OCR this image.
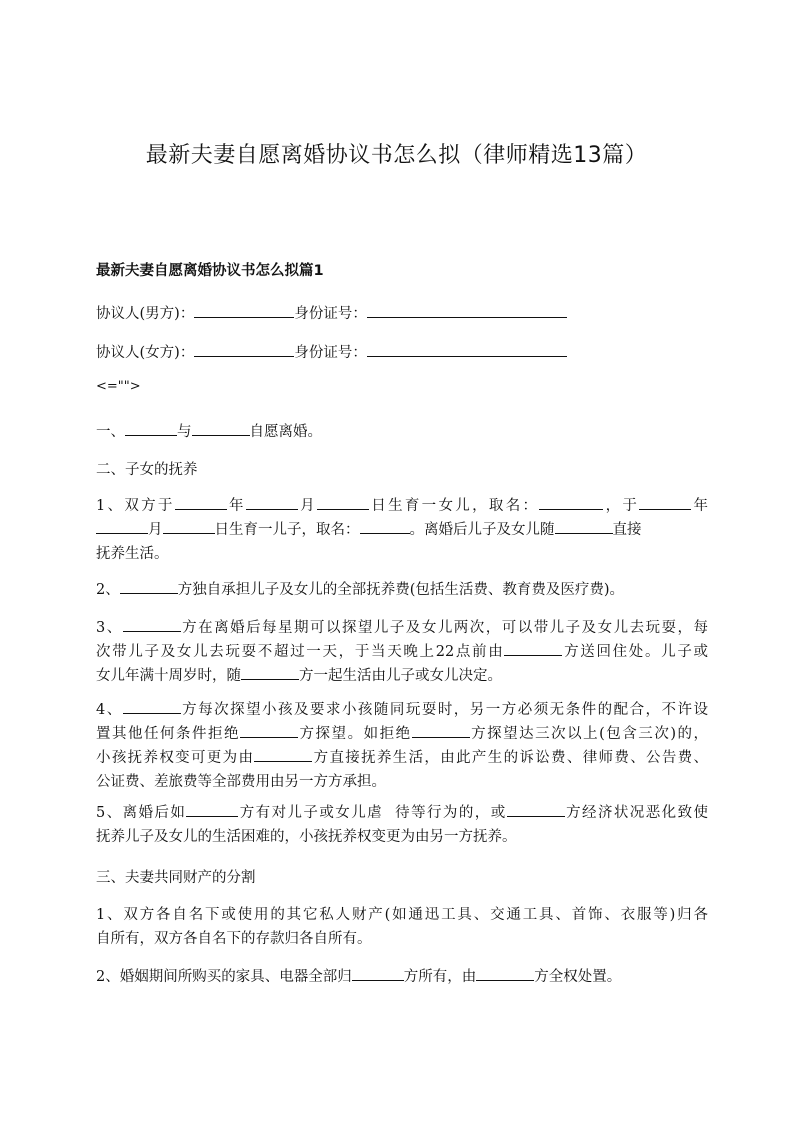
最新夫妻自愿离婚协议书怎么拟（律师精选13篇）
最新夫妻自愿离婚协议书怎么拟篇1
协议人(男方)：	身份证号：
协议人(女方)：	身份证号：
<="">
一、	与	自愿离婚。
二、子女的抚养
1、双方于	年	月	日生育一女儿，取名：	，于	年
月	日生育一儿子，取名：	。离婚后儿子及女儿随	直接
抚养生活。
2、	方独自承担儿子及女儿的全部抚养费(包括生活费、教育费及医疗费)。
3、	方在离婚后每星期可以探望儿子及女儿两次，可以带儿子及女儿去玩耍，每
次带儿子及女儿去玩耍不超过一天，于当天晚上22点前由	方送回住处。儿子或
女儿年满十周岁时，随	方一起生活由儿子或女儿决定。
4、	方每次探望小孩及要求小孩随同玩耍时，另一方必须无条件的配合，不许设
置其他任何条件拒绝	方探望。如拒绝	方探望达三次以上(包含三次)的，
小孩抚养权变可更为由	方直接抚养生活，由此产生的诉讼费、律师费、公告费、
公证费、差旅费等全部费用由另一方方承担。
5、离婚后如	方有对儿子或女儿虐  待等行为的，或	方经济状况恶化致使
抚养儿子及女儿的生活困难的，小孩抚养权变更为由另一方抚养。
三、夫妻共同财产的分割
1、双方各自名下或使用的其它私人财产(如通迅工具、交通工具、首饰、衣服等)归各
自所有，双方各自名下的存款归各自所有。
2、婚姻期间所购买的家具、电器全部归	方所有，由	方全权处置。
